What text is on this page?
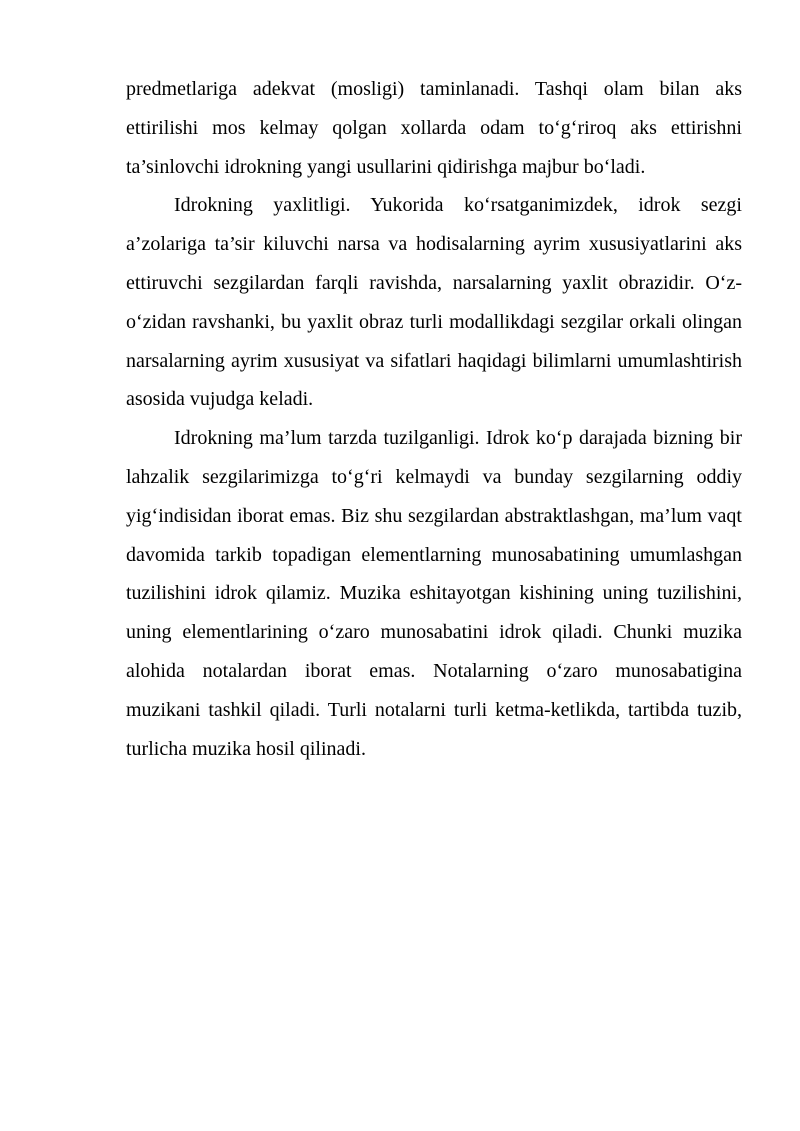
predmetlariga adekvat (mosligi) taminlanadi. Tashqi olam bilan aks ettirilishi mos kelmay qolgan xollarda odam to‘g‘riroq aks ettirishni ta’sinlovchi idrokning yangi usullarini qidirishga majbur bo‘ladi.

Idrokning yaxlitligi. Yukorida ko‘rsatganimizdek, idrok sezgi a’zolariga ta’sir kiluvchi narsa va hodisalarning ayrim xususiyatlarini aks ettiruvchi sezgilardan farqli ravishda, narsalarning yaxlit obrazidir. O‘z-o‘zidan ravshanki, bu yaxlit obraz turli modallikdagi sezgilar orkali olingan narsalarning ayrim xususiyat va sifatlari haqidagi bilimlarni umumlashtirish asosida vujudga keladi.

Idrokning ma’lum tarzda tuzilganligi. Idrok ko‘p darajada bizning bir lahzalik sezgilarimizga to‘g‘ri kelmaydi va bunday sezgilarning oddiy yig‘indisidan iborat emas. Biz shu sezgilardan abstraktlashgan, ma’lum vaqt davomida tarkib topadigan elementlarning munosabatining umumlashgan tuzilishini idrok qilamiz. Muzika eshitayotgan kishining uning tuzilishini, uning elementlarining o‘zaro munosabatini idrok qiladi. Chunki muzika alohida notalardan iborat emas. Notalarning o‘zaro munosabatigina muzikani tashkil qiladi. Turli notalarni turli ketma-ketlikda, tartibda tuzib, turlicha muzika hosil qilinadi.
